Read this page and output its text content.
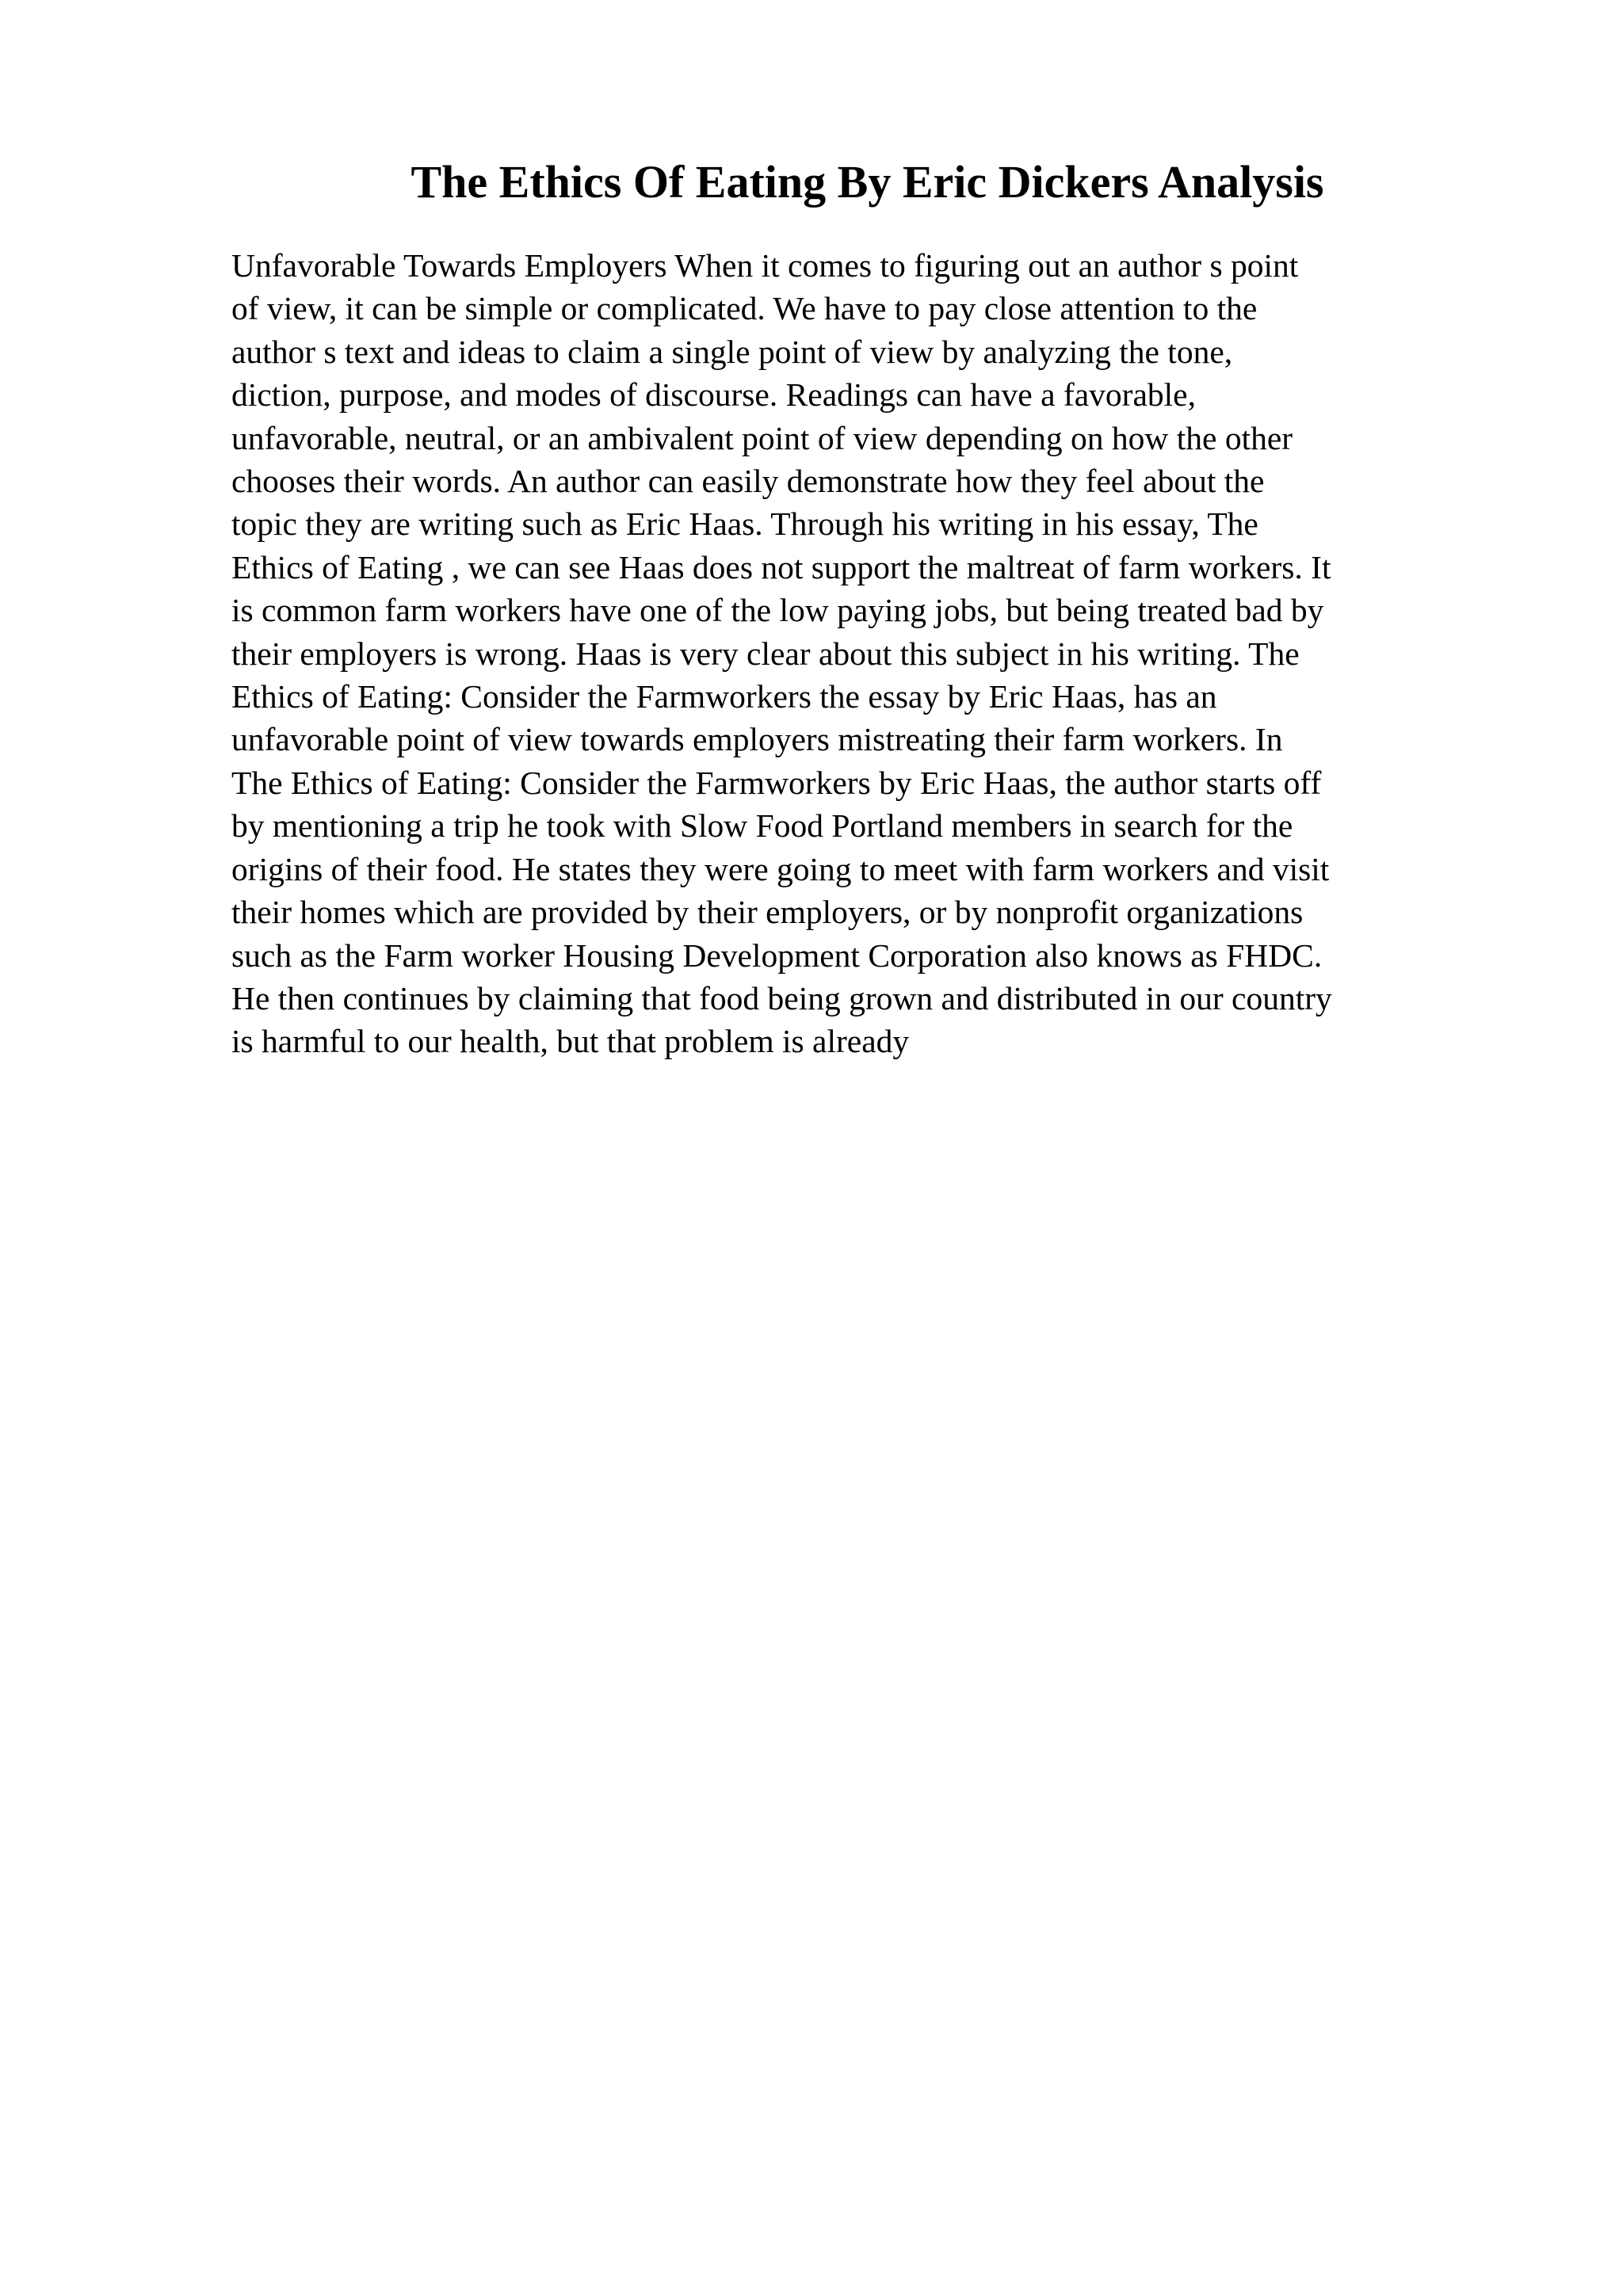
The Ethics Of Eating By Eric Dickers Analysis

Unfavorable Towards Employers When it comes to figuring out an author s point
of view, it can be simple or complicated. We have to pay close attention to the
author s text and ideas to claim a single point of view by analyzing the tone,
diction, purpose, and modes of discourse. Readings can have a favorable,
unfavorable, neutral, or an ambivalent point of view depending on how the other
chooses their words. An author can easily demonstrate how they feel about the
topic they are writing such as Eric Haas. Through his writing in his essay, The
Ethics of Eating , we can see Haas does not support the maltreat of farm workers. It
is common farm workers have one of the low paying jobs, but being treated bad by
their employers is wrong. Haas is very clear about this subject in his writing. The
Ethics of Eating: Consider the Farmworkers the essay by Eric Haas, has an
unfavorable point of view towards employers mistreating their farm workers. In
The Ethics of Eating: Consider the Farmworkers by Eric Haas, the author starts off
by mentioning a trip he took with Slow Food Portland members in search for the
origins of their food. He states they were going to meet with farm workers and visit
their homes which are provided by their employers, or by nonprofit organizations
such as the Farm worker Housing Development Corporation also knows as FHDC.
He then continues by claiming that food being grown and distributed in our country
is harmful to our health, but that problem is already
